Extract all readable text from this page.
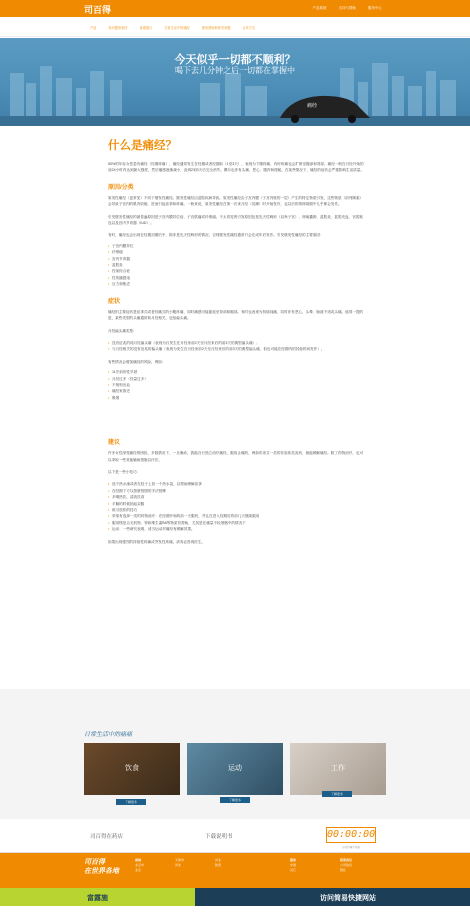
司百得	产品系统	支持与帮助	服务中心
产品	有问题请来信	食谱建议	日常生活中的痛经	使用帮助和常见问题	合作方式
今天似乎一切都不顺利？
喝下去几分钟之后一切都在掌握中
痛经
什么是痛经？
50%的年轻女性患有痛经（经期疼痛），痛经通常发生在经期或者经期前（1至3天），表现为下腹疼痛，有时疼痛也会扩散至腿部和背部。痛经一般在月经开始的前24小时内达到最大强度，然后痛感逐渐减小，直到2到3天后完全消失。偶尔也伴有头痛、恶心、腹泻和便秘。在某些情况下，痛经的症状会严重影响生活质量。
原因/分类
原发性痛经（更常见）不同于继发性痛经。继发性痛经由盆腔疾病导致。原发性痛经由子宫内膜（子宫内壁的一层）产生的特定物质引发，这些物质（前列腺素）会导致子宫内的肌肉收缩，进而引起痉挛和疼痛。一般来说，原发性痛经在第一次来月经（初潮）时开始发作，也以后的排卵周期中几乎都会发作。
引发继发性痛经的最普遍原因是子宫内膜异位症、子宫肌瘤或纤维瘤。不太常见的引发原因包括先天性畸形（双角子宫）、卵巢囊肿、盆腔炎、盆腔充血、宫腔粘连以及宫内节育器（IUD）。
有时，痛经也会出现在经期初期后中，除非是先天性畸形的情况，否则继发性痛经通常只会在成年后发作。引发继发性痛经的主要原因：
• 子宫内膜异位
• 纤维瘤
• 宫内节育器
• 盆腔炎
• 经前综合症
• 性传播感染
• 压力和焦虑
症状
痛经的主要症状是痉挛式或者绞痛式的小腹疼痛，同时痛感可能蔓延至背部和腿部。有时也表现为持续钝痛，同时伴有恶心、头晕、肠道不适或头痛。值得一提的是，某些类型的头痛通常和月经相关，包括偏头痛。
月经偏头痛类型:
• 没有征兆的纯月经偏头痛（表现为仅发生在月经来前2天至月经来后的前3天的典型偏头痛）；
• 与月经相关的没有征兆的偏头痛（表现为发生在月经来前2天至月经来后的前3天的典型偏头痛，但也可能在经期内的其他时间发作）。
有些情况会增加痛经的风险，例如:
• 11岁前的性早熟
• 月经过多（经量过多）
• 不规则出血
• 痛经家族史
• 吸烟
建议
许多女性深受痛经的困扰，多数情况下，一旦确诊，我能自行独立治疗痛经，服用止痛药，例如布洛芬一类的非甾体抗炎药，就能缓解痛经。除了药物治疗，也可以采取一些其他辅助措施以疗法。
以下是一些小技巧：
• 选个热水澡或者在肚子上放一个热水袋，以帮助缓解痉挛
• 在经期下方以按脐按圆的手法按摩
• 多喝热饮，清淡饮食
• 平躺的时候抬起双腿
• 练习放松的技巧
• 采取有选择一类的药物治疗：在经期开始的前一天服药，并且在进入经期后的前几天继续服用
• 服用镁复合无机物、锌和维生素B6等物质有帮助，尤其是在痛量不轻细胞中的情况下
• 运动：一些研究表明，适当运动对痛经有缓解效果。
如果出现强烈的持续性疼痛或突发性疼痛，请务必咨询医生。
日常生活中的痛痛
饮食
了解更多
运动
了解更多
工作
了解更多
司百得在药店	下载说明书	00:00:00
你的疼痛计时器
司百得
在世界各地
商城
北京市
北京
天津市
河北
河北
陕西
服务
中国
其它
联系我们
公司信息
隐私
富露施	访问简易快捷网站
